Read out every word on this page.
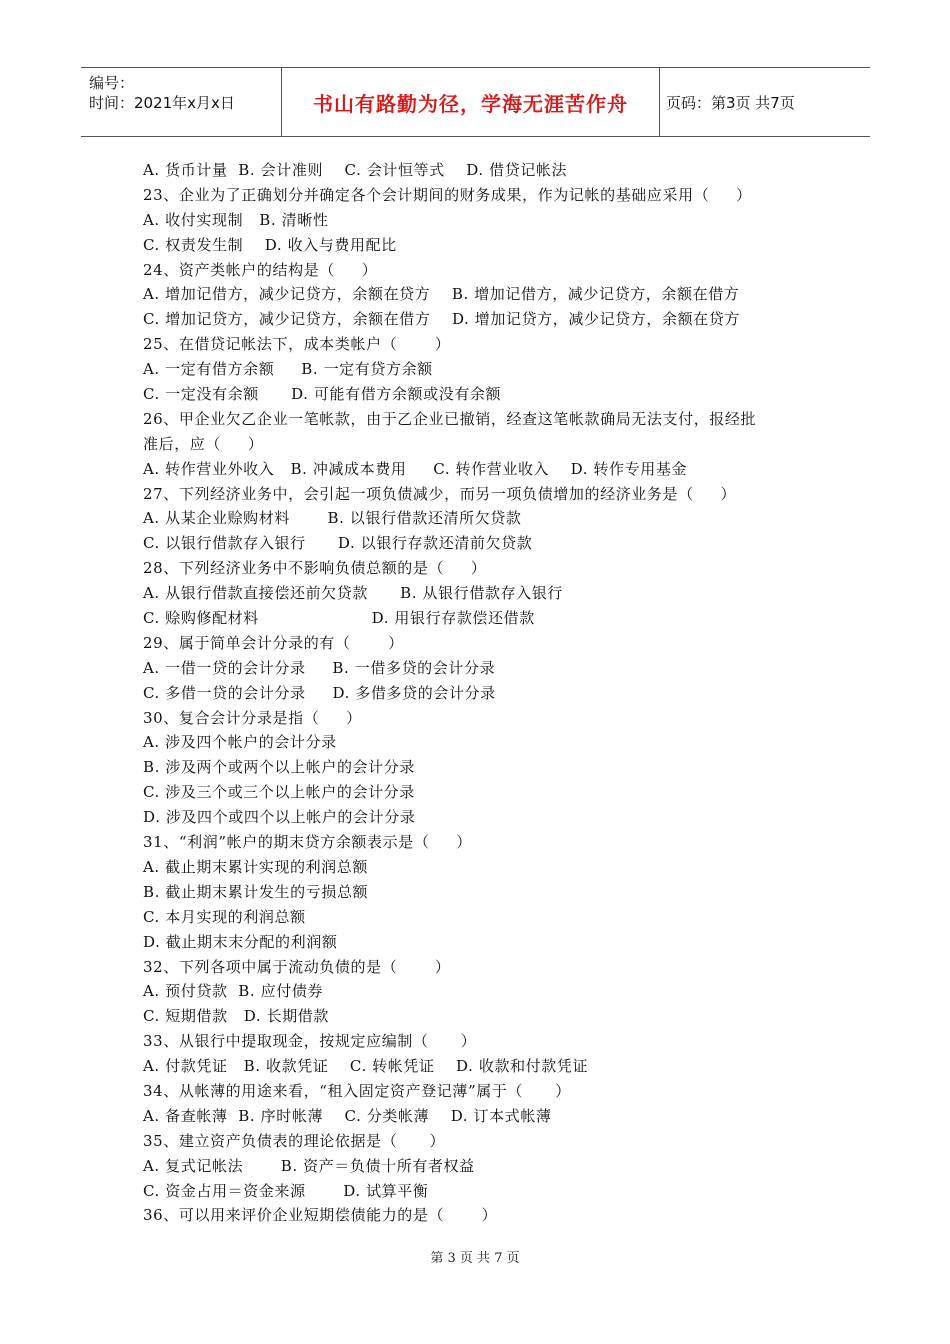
编号：
时间：2021年x月x日	书山有路勤为径，学海无涯苦作舟	页码：第3页 共7页
A. 货币计量  B. 会计准则    C. 会计恒等式    D. 借贷记帐法
23、企业为了正确划分并确定各个会计期间的财务成果，作为记帐的基础应采用（     ）
A. 收付实现制   B. 清晰性
C. 权责发生制    D. 收入与费用配比
24、资产类帐户的结构是（     ）
A. 增加记借方，减少记贷方，余额在贷方    B. 增加记借方，减少记贷方，余额在借方
C. 增加记贷方，减少记贷方，余额在借方    D. 增加记贷方，减少记贷方，余额在贷方
25、在借贷记帐法下，成本类帐户（       ）
A. 一定有借方余额     B. 一定有贷方余额
C. 一定没有余额      D. 可能有借方余额或没有余额
26、甲企业欠乙企业一笔帐款，由于乙企业已撤销，经查这笔帐款确局无法支付，报经批
准后，应（     ）
A. 转作营业外收入   B. 冲减成本费用     C. 转作营业收入    D. 转作专用基金
27、下列经济业务中，会引起一项负债减少，而另一项负债增加的经济业务是（     ）
A. 从某企业赊购材料       B. 以银行借款还清所欠贷款
C. 以银行借款存入银行      D. 以银行存款还清前欠贷款
28、下列经济业务中不影响负债总额的是（     ）
A. 从银行借款直接偿还前欠贷款      B. 从银行借款存入银行
C. 赊购修配材料                     D. 用银行存款偿还借款
29、属于简单会计分录的有（       ）
A. 一借一贷的会计分录     B. 一借多贷的会计分录
C. 多借一贷的会计分录     D. 多借多贷的会计分录
30、复合会计分录是指（     ）
A. 涉及四个帐户的会计分录
B. 涉及两个或两个以上帐户的会计分录
C. 涉及三个或三个以上帐户的会计分录
D. 涉及四个或四个以上帐户的会计分录
31、“利润”帐户的期末贷方余额表示是（     ）
A. 截止期末累计实现的利润总额
B. 截止期末累计发生的亏损总额
C. 本月实现的利润总额
D. 截止期末末分配的利润额
32、下列各项中属于流动负债的是（       ）
A. 预付贷款  B. 应付债券
C. 短期借款   D. 长期借款
33、从银行中提取现金，按规定应编制（      ）
A. 付款凭证   B. 收款凭证    C. 转帐凭证    D. 收款和付款凭证
34、从帐薄的用途来看，“租入固定资产登记薄”属于（      ）
A. 备查帐薄  B. 序时帐薄    C. 分类帐薄    D. 订本式帐薄
35、建立资产负债表的理论依据是（      ）
A. 复式记帐法       B. 资产＝负债十所有者权益
C. 资金占用＝资金来源       D. 试算平衡
36、可以用来评价企业短期偿债能力的是（       ）
第 3 页 共 7 页
